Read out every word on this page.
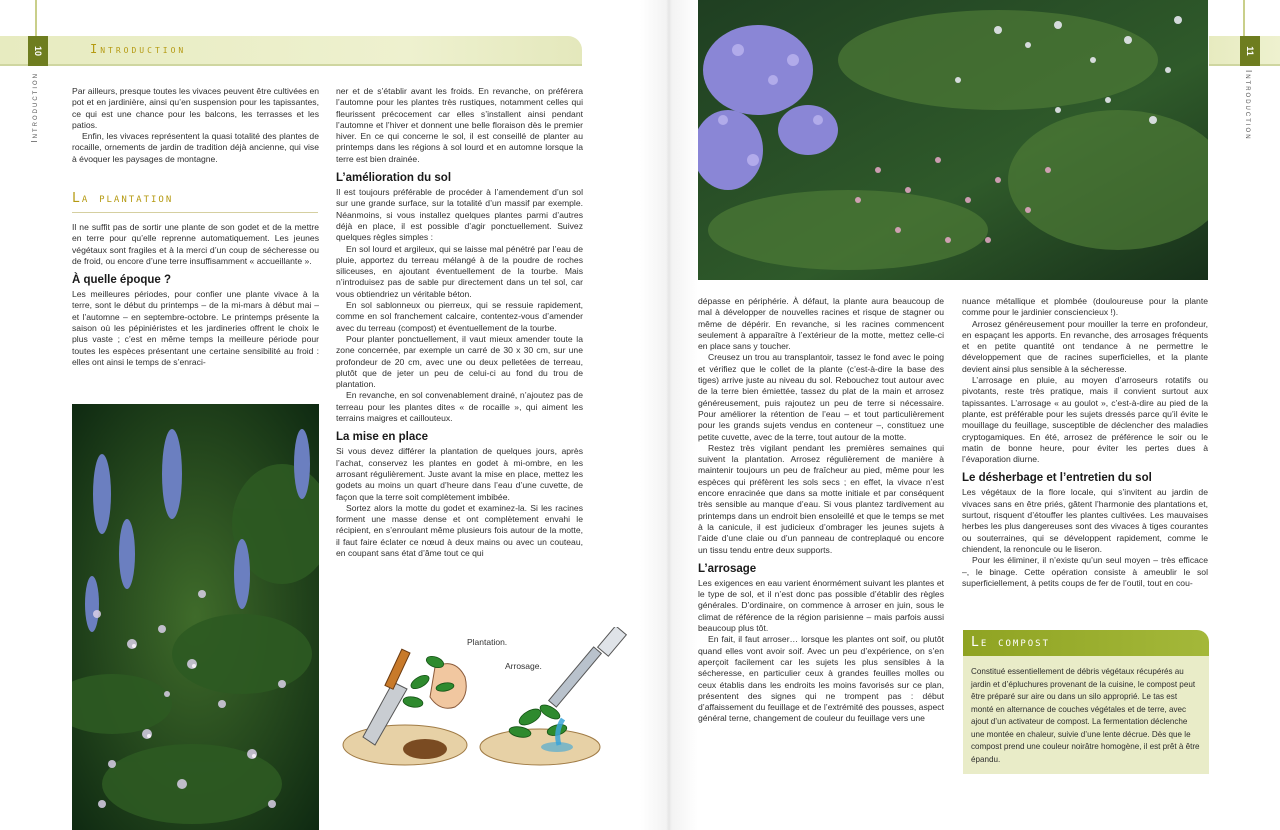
10	Introduction
Introduction
11
Introduction

Par ailleurs, presque toutes les vivaces peuvent être cultivées en pot et en jardinière, ainsi qu’en suspension pour les tapissantes, ce qui est une chance pour les balcons, les terrasses et les patios.

Enfin, les vivaces représentent la quasi totalité des plantes de rocaille, ornements de jardin de tradition déjà ancienne, qui vise à évoquer les paysages de montagne.

La plantation

Il ne suffit pas de sortir une plante de son godet et de la mettre en terre pour qu’elle reprenne automatiquement. Les jeunes végétaux sont fragiles et à la merci d’un coup de sécheresse ou de froid, ou encore d’une terre insuffisamment « accueillante ».

À quelle époque ?

Les meilleures périodes, pour confier une plante vivace à la terre, sont le début du printemps – de la mi-mars à début mai – et l’automne – en septembre-octobre. Le printemps présente la saison où les pépiniéristes et les jardineries offrent le choix le plus vaste ; c’est en même temps la meilleure période pour toutes les espèces présentant une certaine sensibilité au froid : elles ont ainsi le temps de s’enraci-

ner et de s’établir avant les froids. En revanche, on préférera l’automne pour les plantes très rustiques, notamment celles qui fleurissent précocement car elles s’installent ainsi pendant l’automne et l’hiver et donnent une belle floraison dès le premier hiver. En ce qui concerne le sol, il est conseillé de planter au printemps dans les régions à sol lourd et en automne lorsque la terre est bien drainée.

L’amélioration du sol

Il est toujours préférable de procéder à l’amendement d’un sol sur une grande surface, sur la totalité d’un massif par exemple. Néanmoins, si vous installez quelques plantes parmi d’autres déjà en place, il est possible d’agir ponctuellement. Suivez quelques règles simples :

En sol lourd et argileux, qui se laisse mal pénétré par l’eau de pluie, apportez du terreau mélangé à de la poudre de roches siliceuses, en ajoutant éventuellement de la tourbe. Mais n’introduisez pas de sable pur directement dans un tel sol, car vous obtiendriez un véritable béton.

En sol sablonneux ou pierreux, qui se ressuie rapidement, comme en sol franchement calcaire, contentez-vous d’amender avec du terreau (compost) et éventuellement de la tourbe.

Pour planter ponctuellement, il vaut mieux amender toute la zone concernée, par exemple un carré de 30 x 30 cm, sur une profondeur de 20 cm, avec une ou deux pelletées de terreau, plutôt que de jeter un peu de celui-ci au fond du trou de plantation.

En revanche, en sol convenablement drainé, n’ajoutez pas de terreau pour les plantes dites « de rocaille », qui aiment les terrains maigres et caillouteux.

La mise en place

Si vous devez différer la plantation de quelques jours, après l’achat, conservez les plantes en godet à mi-ombre, en les arrosant régulièrement. Juste avant la mise en place, mettez les godets au moins un quart d’heure dans l’eau d’une cuvette, de façon que la terre soit complètement imbibée.

Sortez alors la motte du godet et examinez-la. Si les racines forment une masse dense et ont complètement envahi le récipient, en s’enroulant même plusieurs fois autour de la motte, il faut faire éclater ce nœud à deux mains ou avec un couteau, en coupant sans état d’âme tout ce qui

Plantation.
Arrosage.

dépasse en périphérie. À défaut, la plante aura beaucoup de mal à développer de nouvelles racines et risque de stagner ou même de dépérir. En revanche, si les racines commencent seulement à apparaître à l’extérieur de la motte, mettez celle-ci en place sans y toucher.

Creusez un trou au transplantoir, tassez le fond avec le poing et vérifiez que le collet de la plante (c’est-à-dire la base des tiges) arrive juste au niveau du sol. Rebouchez tout autour avec de la terre bien émiettée, tassez du plat de la main et arrosez généreusement, puis rajoutez un peu de terre si nécessaire. Pour améliorer la rétention de l’eau – et tout particulièrement pour les grands sujets vendus en conteneur –, constituez une petite cuvette, avec de la terre, tout autour de la motte.

Restez très vigilant pendant les premières semaines qui suivent la plantation. Arrosez régulièrement de manière à maintenir toujours un peu de fraîcheur au pied, même pour les espèces qui préfèrent les sols secs ; en effet, la vivace n’est encore enracinée que dans sa motte initiale et par conséquent très sensible au manque d’eau. Si vous plantez tardivement au printemps dans un endroit bien ensoleillé et que le temps se met à la canicule, il est judicieux d’ombrager les jeunes sujets à l’aide d’une claie ou d’un panneau de contreplaqué ou encore un tissu tendu entre deux supports.

L’arrosage

Les exigences en eau varient énormément suivant les plantes et le type de sol, et il n’est donc pas possible d’établir des règles générales. D’ordinaire, on commence à arroser en juin, sous le climat de référence de la région parisienne – mais parfois aussi beaucoup plus tôt.

En fait, il faut arroser… lorsque les plantes ont soif, ou plutôt quand elles vont avoir soif. Avec un peu d’expérience, on s’en aperçoit facilement car les sujets les plus sensibles à la sécheresse, en particulier ceux à grandes feuilles molles ou ceux établis dans les endroits les moins favorisés sur ce plan, présentent des signes qui ne trompent pas : début d’affaissement du feuillage et de l’extrémité des pousses, aspect général terne, changement de couleur du feuillage vers une

nuance métallique et plombée (douloureuse pour la plante comme pour le jardinier consciencieux !).

Arrosez généreusement pour mouiller la terre en profondeur, en espaçant les apports. En revanche, des arrosages fréquents et en petite quantité ont tendance à ne permettre le développement que de racines superficielles, et la plante devient ainsi plus sensible à la sécheresse.

L’arrosage en pluie, au moyen d’arroseurs rotatifs ou pivotants, reste très pratique, mais il convient surtout aux tapissantes. L’arrosage « au goulot », c’est-à-dire au pied de la plante, est préférable pour les sujets dressés parce qu’il évite le mouillage du feuillage, susceptible de déclencher des maladies cryptogamiques. En été, arrosez de préférence le soir ou le matin de bonne heure, pour éviter les pertes dues à l’évaporation diurne.

Le désherbage et l’entretien du sol

Les végétaux de la flore locale, qui s’invitent au jardin de vivaces sans en être priés, gâtent l’harmonie des plantations et, surtout, risquent d’étouffer les plantes cultivées. Les mauvaises herbes les plus dangereuses sont des vivaces à tiges courantes ou souterraines, qui se développent rapidement, comme le chiendent, la renoncule ou le liseron.

Pour les éliminer, il n’existe qu’un seul moyen – très efficace –, le binage. Cette opération consiste à ameublir le sol superficiellement, à petits coups de fer de l’outil, tout en cou-

Le compost
Constitué essentiellement de débris végétaux récupérés au jardin et d’épluchures provenant de la cuisine, le compost peut être préparé sur aire ou dans un silo approprié. Le tas est monté en alternance de couches végétales et de terre, avec ajout d’un activateur de compost. La fermentation déclenche une montée en chaleur, suivie d’une lente décrue. Dès que le compost prend une couleur noirâtre homogène, il est prêt à être épandu.
